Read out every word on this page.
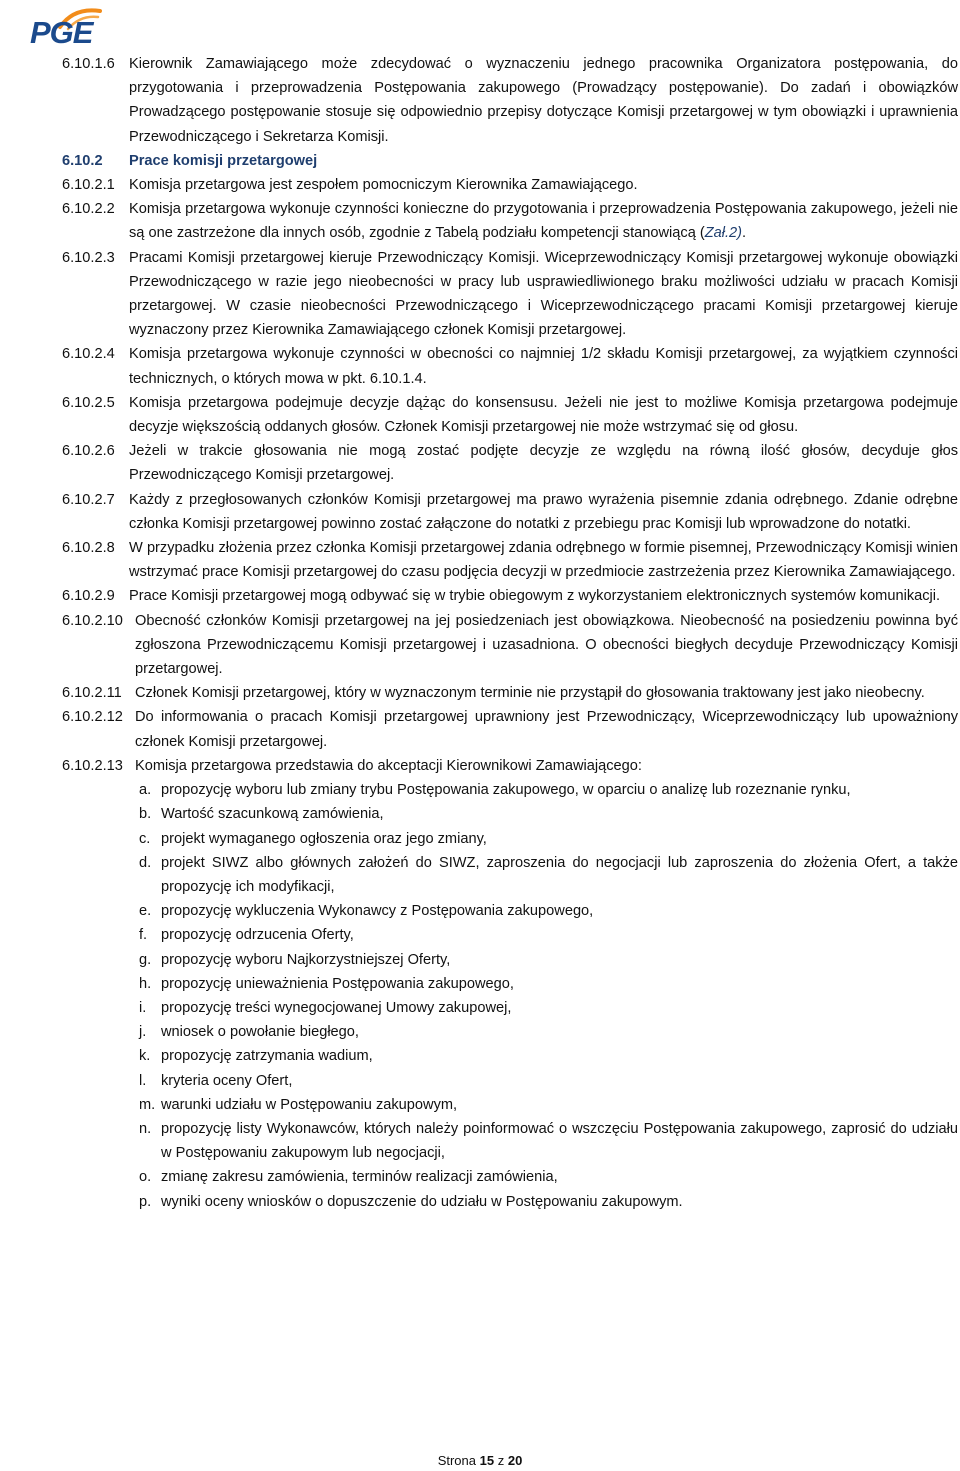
PGE
6.10.1.6 Kierownik Zamawiającego może zdecydować o wyznaczeniu jednego pracownika Organizatora postępowania, do przygotowania i przeprowadzenia Postępowania zakupowego (Prowadzący postępowanie). Do zadań i obowiązków Prowadzącego postępowanie stosuje się odpowiednio przepisy dotyczące Komisji przetargowej w tym obowiązki i uprawnienia Przewodniczącego i Sekretarza Komisji.
6.10.2	Prace komisji przetargowej
6.10.2.1 Komisja przetargowa jest zespołem pomocniczym Kierownika Zamawiającego.
6.10.2.2 Komisja przetargowa wykonuje czynności konieczne do przygotowania i przeprowadzenia Postępowania zakupowego, jeżeli nie są one zastrzeżone dla innych osób, zgodnie z Tabelą podziału kompetencji stanowiącą (Zał.2).
6.10.2.3 Pracami Komisji przetargowej kieruje Przewodniczący Komisji. Wiceprzewodniczący Komisji przetargowej wykonuje obowiązki Przewodniczącego w razie jego nieobecności w pracy lub usprawiedliwionego braku możliwości udziału w pracach Komisji przetargowej. W czasie nieobecności Przewodniczącego i Wiceprzewodniczącego pracami Komisji przetargowej kieruje wyznaczony przez Kierownika Zamawiającego członek Komisji przetargowej.
6.10.2.4 Komisja przetargowa wykonuje czynności w obecności co najmniej 1/2 składu Komisji przetargowej, za wyjątkiem czynności technicznych, o których mowa w pkt. 6.10.1.4.
6.10.2.5 Komisja przetargowa podejmuje decyzje dążąc do konsensusu. Jeżeli nie jest to możliwe Komisja przetargowa podejmuje decyzje większością oddanych głosów. Członek Komisji przetargowej nie może wstrzymać się od głosu.
6.10.2.6 Jeżeli w trakcie głosowania nie mogą zostać podjęte decyzje ze względu na równą ilość głosów, decyduje głos Przewodniczącego Komisji przetargowej.
6.10.2.7 Każdy z przegłosowanych członków Komisji przetargowej ma prawo wyrażenia pisemnie zdania odrębnego. Zdanie odrębne członka Komisji przetargowej powinno zostać załączone do notatki z przebiegu prac Komisji lub wprowadzone do notatki.
6.10.2.8 W przypadku złożenia przez członka Komisji przetargowej zdania odrębnego w formie pisemnej, Przewodniczący Komisji winien wstrzymać prace Komisji przetargowej do czasu podjęcia decyzji w przedmiocie zastrzeżenia przez Kierownika Zamawiającego.
6.10.2.9 Prace Komisji przetargowej mogą odbywać się w trybie obiegowym z wykorzystaniem elektronicznych systemów komunikacji.
6.10.2.10 Obecność członków Komisji przetargowej na jej posiedzeniach jest obowiązkowa. Nieobecność na posiedzeniu powinna być zgłoszona Przewodniczącemu Komisji przetargowej i uzasadniona. O obecności biegłych decyduje Przewodniczący Komisji przetargowej.
6.10.2.11 Członek Komisji przetargowej, który w wyznaczonym terminie nie przystąpił do głosowania traktowany jest jako nieobecny.
6.10.2.12 Do informowania o pracach Komisji przetargowej uprawniony jest Przewodniczący, Wiceprzewodniczący lub upoważniony członek Komisji przetargowej.
6.10.2.13 Komisja przetargowa przedstawia do akceptacji Kierownikowi Zamawiającego:
a. propozycję wyboru lub zmiany trybu Postępowania zakupowego, w oparciu o analizę lub rozeznanie rynku,
b. Wartość szacunkową zamówienia,
c. projekt wymaganego ogłoszenia oraz jego zmiany,
d. projekt SIWZ albo głównych założeń do SIWZ, zaproszenia do negocjacji lub zaproszenia do złożenia Ofert, a także propozycję ich modyfikacji,
e. propozycję wykluczenia Wykonawcy z Postępowania zakupowego,
f. propozycję odrzucenia Oferty,
g. propozycję wyboru Najkorzystniejszej Oferty,
h. propozycję unieważnienia Postępowania zakupowego,
i. propozycję treści wynegocjowanej Umowy zakupowej,
j. wniosek o powołanie biegłego,
k. propozycję zatrzymania wadium,
l. kryteria oceny Ofert,
m. warunki udziału w Postępowaniu zakupowym,
n. propozycję listy Wykonawców, których należy poinformować o wszczęciu Postępowania zakupowego, zaprosić do udziału w Postępowaniu zakupowym lub negocjacji,
o. zmianę zakresu zamówienia, terminów realizacji zamówienia,
p. wyniki oceny wniosków o dopuszczenie do udziału w Postępowaniu zakupowym.
Strona 15 z 20
